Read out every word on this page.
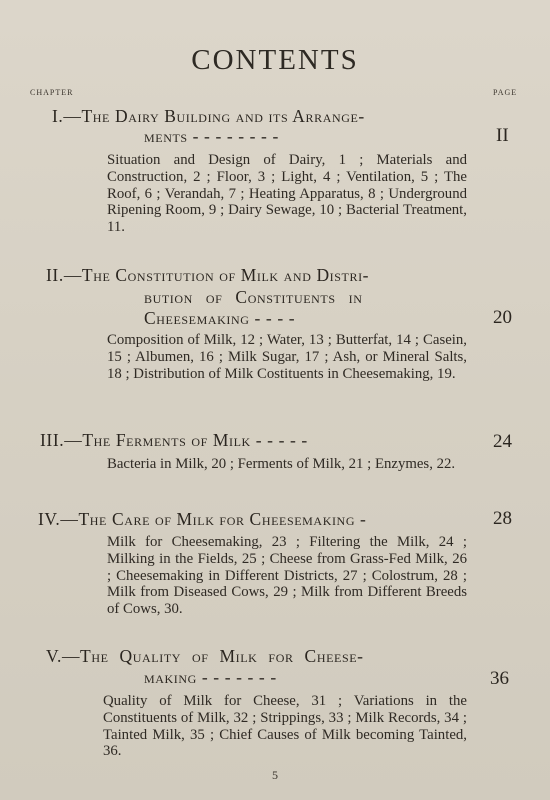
CONTENTS
CHAPTER	PAGE
I.—The Dairy Building and its Arrange-
ments - - - - - - - -	II
Situation and Design of Dairy, 1 ; Materials and Construction, 2 ; Floor, 3 ; Light, 4 ; Ventilation, 5 ; The Roof, 6 ; Verandah, 7 ; Heating Apparatus, 8 ; Underground Ripening Room, 9 ; Dairy Sewage, 10 ; Bacterial Treatment, 11.
II.—The Constitution of Milk and Distri-
bution of Constituents in
Cheesemaking - - - -	20
Composition of Milk, 12 ; Water, 13 ; Butterfat, 14 ; Casein, 15 ; Albumen, 16 ; Milk Sugar, 17 ; Ash, or Mineral Salts, 18 ; Distribution of Milk Costituents in Cheesemaking, 19.
III.—The Ferments of Milk - - - - -	24
Bacteria in Milk, 20 ; Ferments of Milk, 21 ; Enzymes, 22.
IV.—The Care of Milk for Cheesemaking -	28
Milk for Cheesemaking, 23 ; Filtering the Milk, 24 ; Milking in the Fields, 25 ; Cheese from Grass-Fed Milk, 26 ; Cheesemaking in Different Districts, 27 ; Colostrum, 28 ; Milk from Diseased Cows, 29 ; Milk from Different Breeds of Cows, 30.
V.—The Quality of Milk for Cheese-
making - - - - - - -	36
Quality of Milk for Cheese, 31 ; Variations in the Constituents of Milk, 32 ; Strippings, 33 ; Milk Records, 34 ; Tainted Milk, 35 ; Chief Causes of Milk becoming Tainted, 36.
5
